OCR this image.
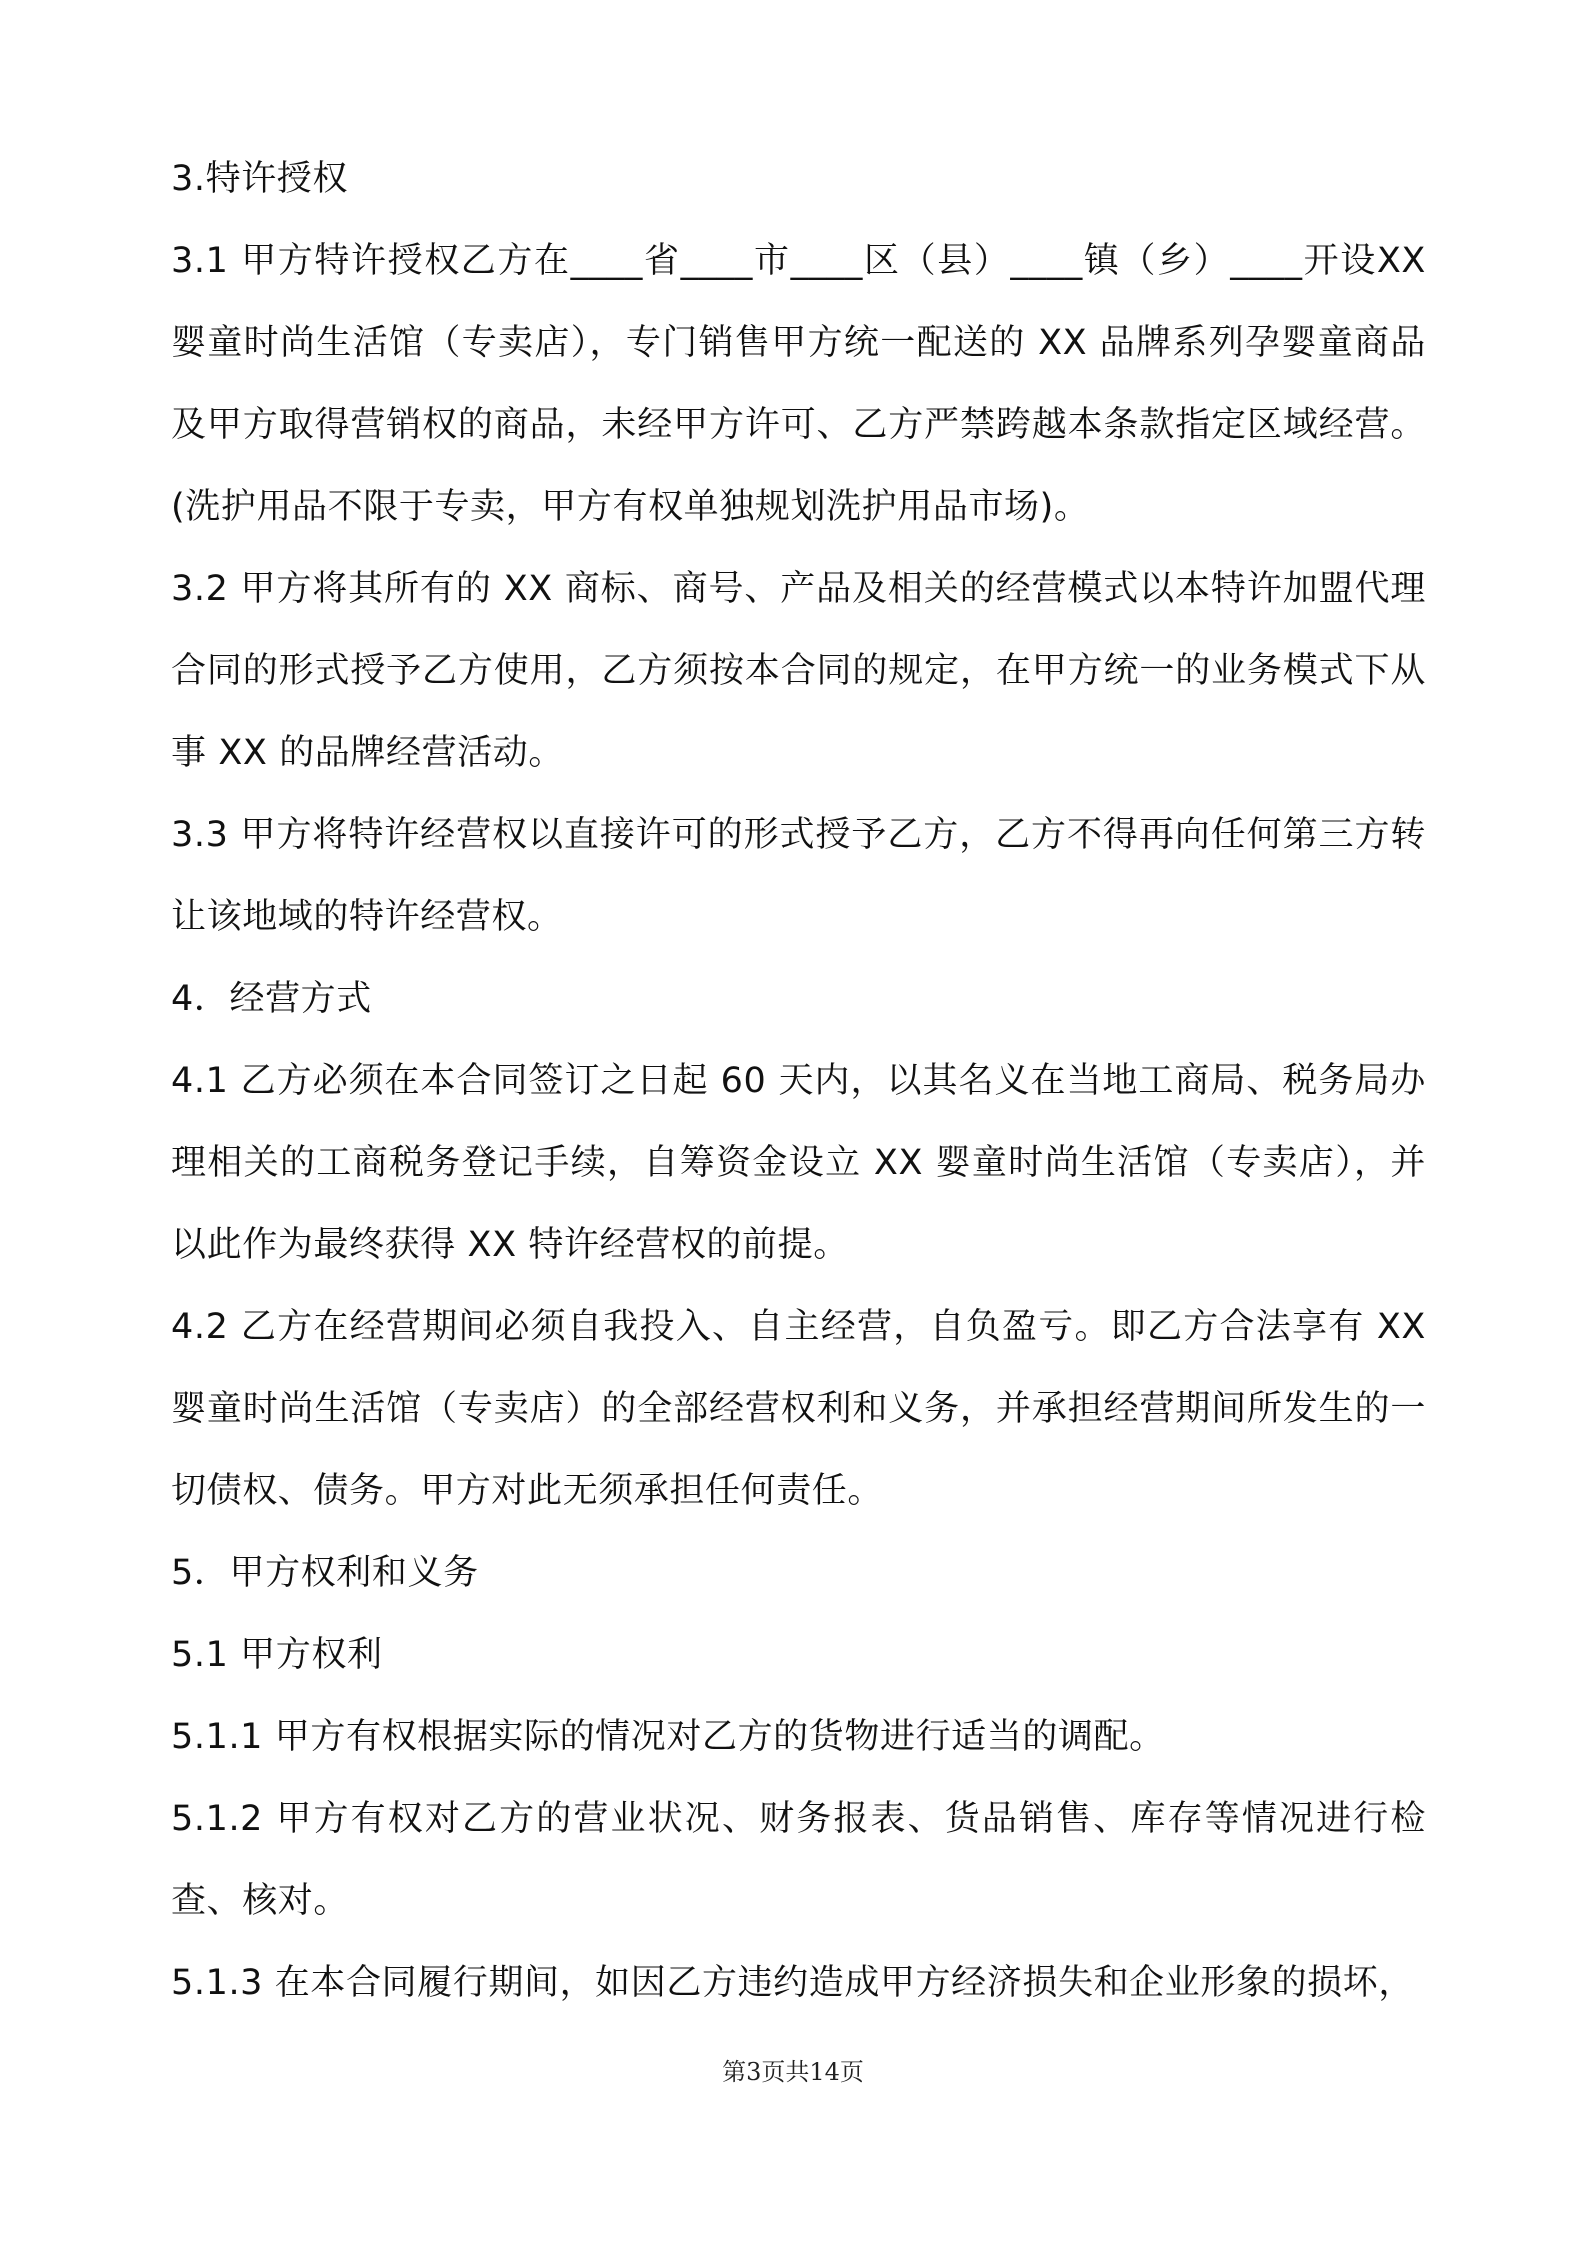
3.特许授权

3.1 甲方特许授权乙方在____省____市____区（县）____镇（乡）____开设XX 婴童时尚生活馆（专卖店），专门销售甲方统一配送的 XX 品牌系列孕婴童商品及甲方取得营销权的商品，未经甲方许可、乙方严禁跨越本条款指定区域经营。(洗护用品不限于专卖，甲方有权单独规划洗护用品市场)。

3.2 甲方将其所有的 XX 商标、商号、产品及相关的经营模式以本特许加盟代理合同的形式授予乙方使用，乙方须按本合同的规定，在甲方统一的业务模式下从事 XX 的品牌经营活动。

3.3 甲方将特许经营权以直接许可的形式授予乙方，乙方不得再向任何第三方转让该地域的特许经营权。

4．经营方式

4.1 乙方必须在本合同签订之日起 60 天内，以其名义在当地工商局、税务局办理相关的工商税务登记手续，自筹资金设立 XX 婴童时尚生活馆（专卖店），并以此作为最终获得 XX 特许经营权的前提。

4.2 乙方在经营期间必须自我投入、自主经营，自负盈亏。即乙方合法享有 XX 婴童时尚生活馆（专卖店）的全部经营权利和义务，并承担经营期间所发生的一切债权、债务。甲方对此无须承担任何责任。

5．甲方权利和义务

5.1 甲方权利

5.1.1 甲方有权根据实际的情况对乙方的货物进行适当的调配。

5.1.2 甲方有权对乙方的营业状况、财务报表、货品销售、库存等情况进行检查、核对。

5.1.3 在本合同履行期间，如因乙方违约造成甲方经济损失和企业形象的损坏，

第3页共14页
